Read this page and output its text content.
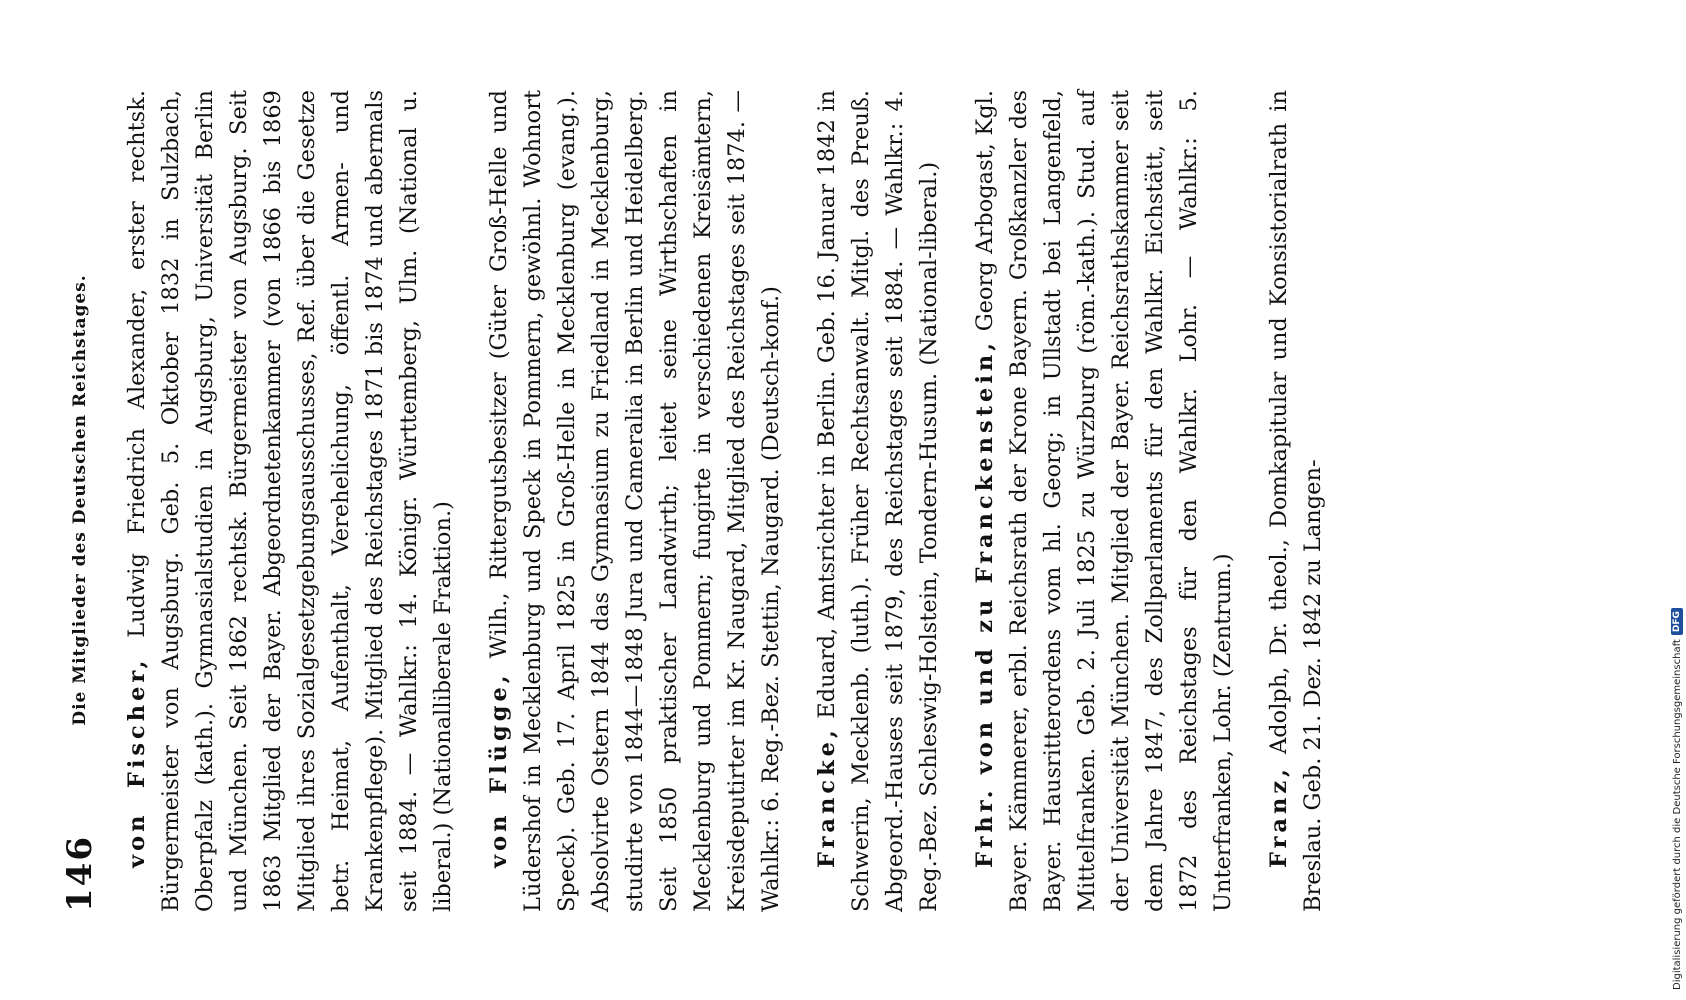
146
Die Mitglieder des Deutschen Reichstages.

von Fischer, Ludwig Friedrich Alexander, erster rechtsk. Bürgermeister von Augsburg. Geb. 5. Oktober 1832 in Sulzbach, Oberpfalz (kath.). Gymnasialstudien in Augsburg, Universität Berlin und München. Seit 1862 rechtsk. Bürgermeister von Augsburg. Seit 1863 Mitglied der Bayer. Abgeordnetenkammer (von 1866 bis 1869 Mitglied ihres Sozialgesetzgebungsausschusses, Ref. über die Gesetze betr. Heimat, Aufenthalt, Verehelichung, öffentl. Armen- und Krankenpflege). Mitglied des Reichstages 1871 bis 1874 und abermals seit 1884. — Wahlkr.: 14. Königr. Württemberg, Ulm. (National u. liberal.) (Nationalliberale Fraktion.) von Flügge, Wilh., Rittergutsbesitzer (Güter Groß-Helle und Lüdershof in Mecklenburg und Speck in Pommern, gewöhnl. Wohnort Speck). Geb. 17. April 1825 in Groß-Helle in Mecklenburg (evang.). Absolvirte Ostern 1844 das Gymnasium zu Friedland in Mecklenburg, studirte von 1844—1848 Jura und Cameralia in Berlin und Heidelberg. Seit 1850 praktischer Landwirth; leitet seine Wirthschaften in Mecklenburg und Pommern; fungirte in verschiedenen Kreisämtern, Kreisdeputirter im Kr. Naugard, Mitglied des Reichstages seit 1874. — Wahlkr.: 6. Reg.-Bez. Stettin, Naugard. (Deutsch-konf.) Francke, Eduard, Amtsrichter in Berlin. Geb. 16. Januar 1842 in Schwerin, Mecklenb. (luth.). Früher Rechtsanwalt. Mitgl. des Preuß. Abgeord.-Hauses seit 1879, des Reichstages seit 1884. — Wahlkr.: 4. Reg.-Bez. Schleswig-Holstein, Tondern-Husum. (National-liberal.) Frhr. von und zu Franckenstein, Georg Arbogast, Kgl. Bayer. Kämmerer, erbl. Reichsrath der Krone Bayern. Großkanzler des Bayer. Hausritterordens vom hl. Georg; in Ullstadt bei Langenfeld, Mittelfranken. Geb. 2. Juli 1825 zu Würzburg (röm.-kath.). Stud. auf der Universität München. Mitglied der Bayer. Reichsrathskammer seit dem Jahre 1847, des Zollparlaments für den Wahlkr. Eichstätt, seit 1872 des Reichstages für den Wahlkr. Lohr. — Wahlkr.: 5. Unterfranken, Lohr. (Zentrum.) Franz, Adolph, Dr. theol., Domkapitular und Konsistorialrath in Breslau. Geb. 21. Dez. 1842 zu Langen-	Digitalisierung gefördert durch die Deutsche Forschungsgemeinschaft
DFG
